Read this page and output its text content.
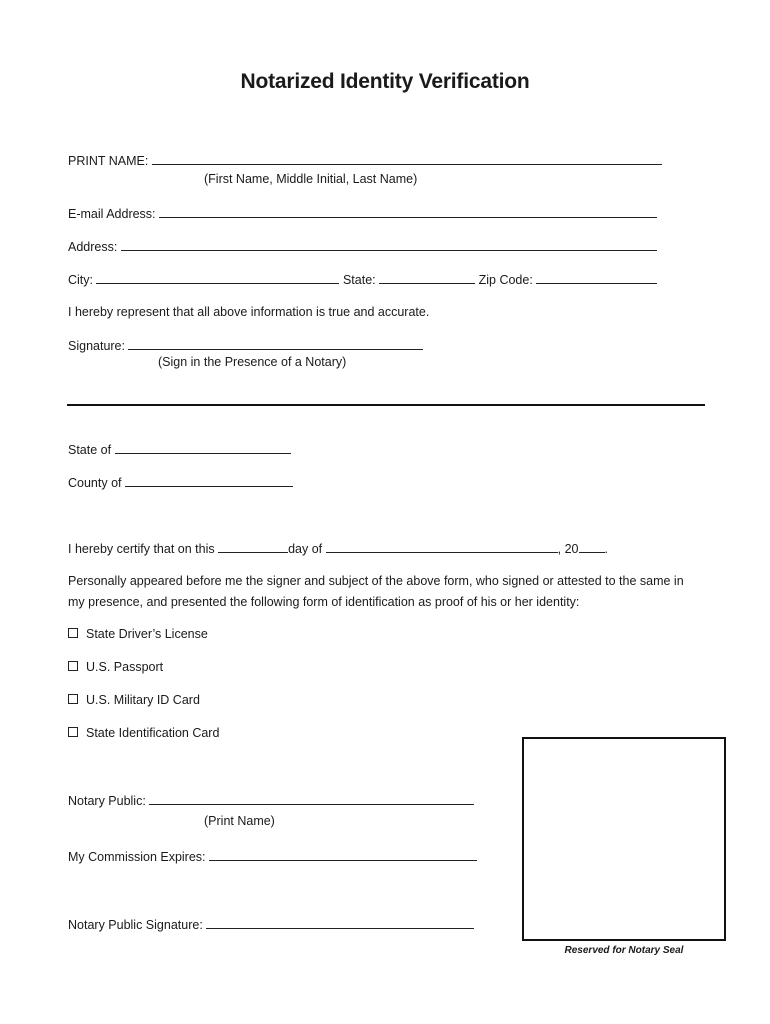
Notarized Identity Verification
PRINT NAME:
(First Name, Middle Initial, Last Name)
E-mail Address:
Address:
City:	State:	Zip Code:
I hereby represent that all above information is true and accurate.
Signature:
(Sign in the Presence of a Notary)
State of
County of
I hereby certify that on this	day of	, 20 .
Personally appeared before me the signer and subject of the above form, who signed or attested to the same in
my presence, and presented the following form of identification as proof of his or her identity:
State Driver’s License
U.S. Passport
U.S. Military ID Card
State Identification Card
Notary Public:
(Print Name)
My Commission Expires:
Notary Public Signature:
Reserved for Notary Seal
